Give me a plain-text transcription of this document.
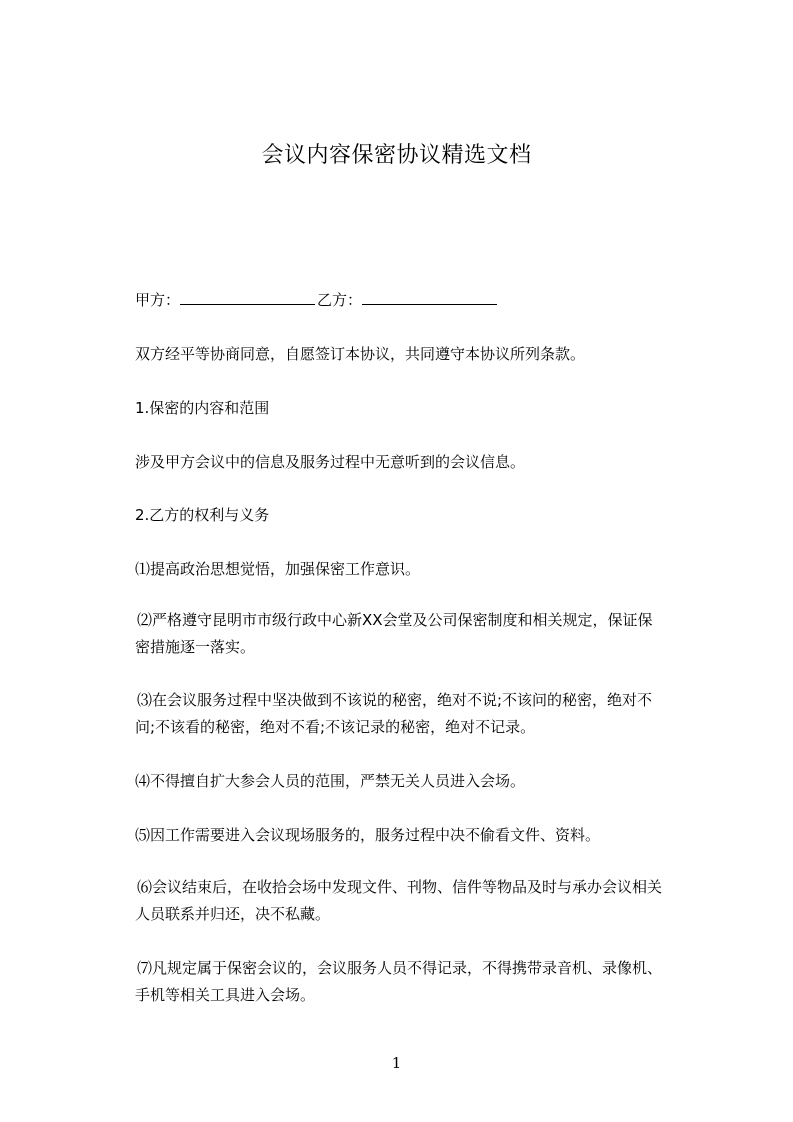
会议内容保密协议精选文档
甲方：	乙方：
双方经平等协商同意，自愿签订本协议，共同遵守本协议所列条款。
1.保密的内容和范围
涉及甲方会议中的信息及服务过程中无意听到的会议信息。
2.乙方的权利与义务
⑴提高政治思想觉悟，加强保密工作意识。
⑵严格遵守昆明市市级行政中心新XX会堂及公司保密制度和相关规定，保证保
密措施逐一落实。
⑶在会议服务过程中坚决做到不该说的秘密，绝对不说;不该问的秘密，绝对不
问;不该看的秘密，绝对不看;不该记录的秘密，绝对不记录。
⑷不得擅自扩大参会人员的范围，严禁无关人员进入会场。
⑸因工作需要进入会议现场服务的，服务过程中决不偷看文件、资料。
⑹会议结束后，在收拾会场中发现文件、刊物、信件等物品及时与承办会议相关
人员联系并归还，决不私藏。
⑺凡规定属于保密会议的，会议服务人员不得记录，不得携带录音机、录像机、
手机等相关工具进入会场。
1
